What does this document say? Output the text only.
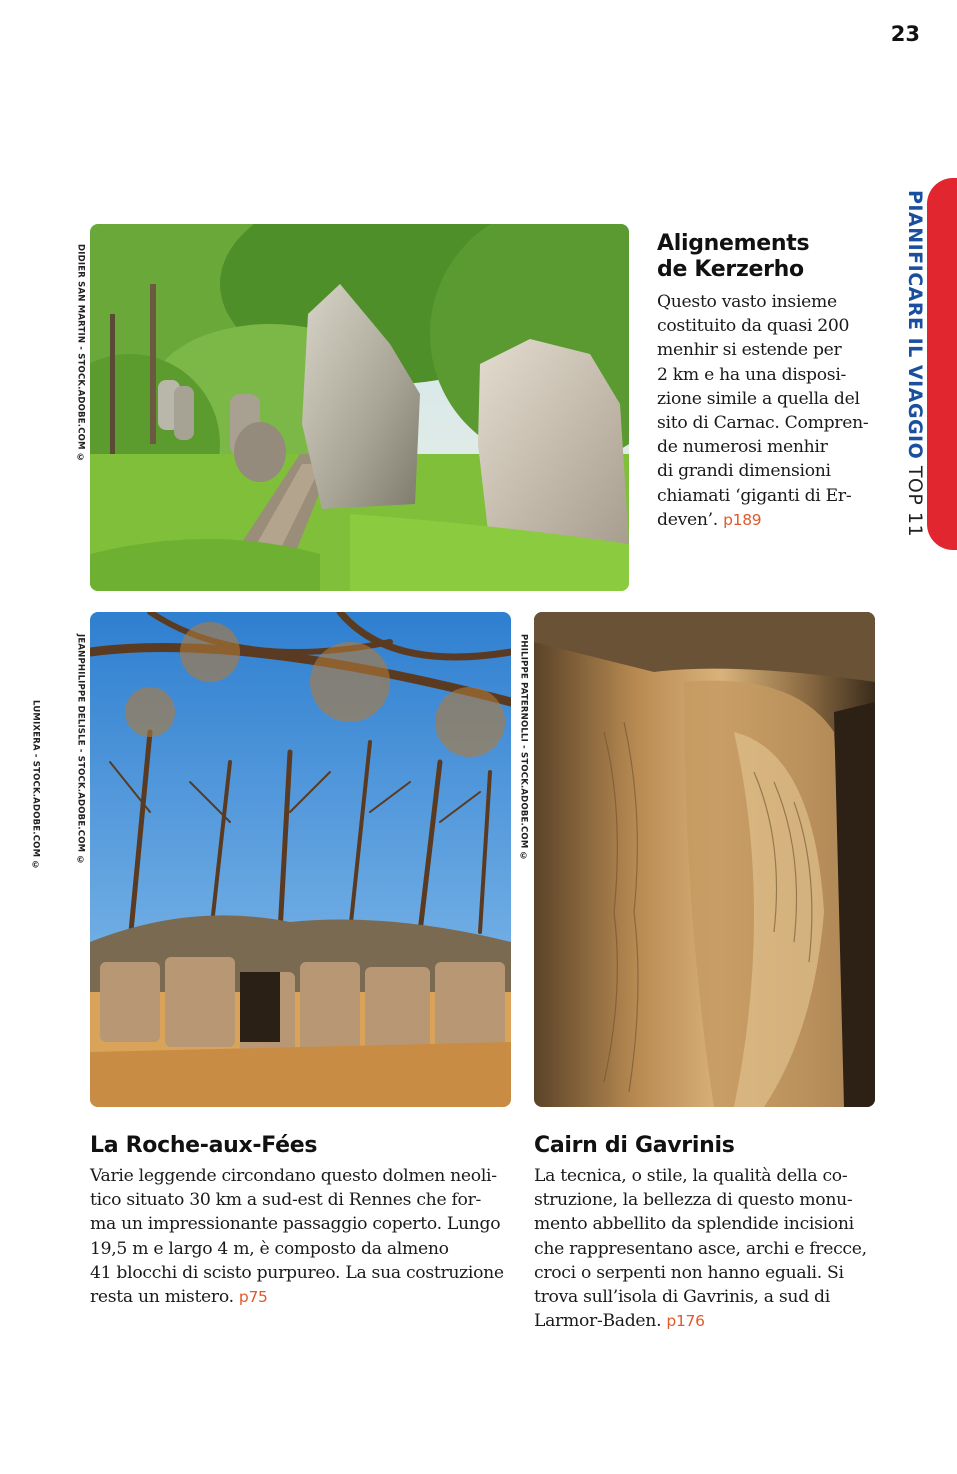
23
PIANIFICARE IL VIAGGIO TOP 11
DIDIER SAN MARTIN - STOCK.ADOBE.COM ©
JEANPHILIPPE DELISLE - STOCK.ADOBE.COM ©	PHILIPPE PATERNOLLI - STOCK.ADOBE.COM ©
LUMIXERA - STOCK.ADOBE.COM ©
Alignements
de Kerzerho

Questo vasto insieme
costituito da quasi 200
menhir si estende per
2 km e ha una disposi-
zione simile a quella del
sito di Carnac. Compren-
de numerosi menhir
di grandi dimensioni
chiamati ‘giganti di Er-
deven’. p189

La Roche-aux-Fées

Varie leggende circondano questo dolmen neoli-
tico situato 30 km a sud-est di Rennes che for-
ma un impressionante passaggio coperto. Lungo
19,5 m e largo 4 m, è composto da almeno
41 blocchi di scisto purpureo. La sua costruzione
resta un mistero. p75

Cairn di Gavrinis

La tecnica, o stile, la qualità della co-
struzione, la bellezza di questo monu-
mento abbellito da splendide incisioni
che rappresentano asce, archi e frecce,
croci o serpenti non hanno eguali. Si
trova sull’isola di Gavrinis, a sud di
Larmor-Baden. p176
